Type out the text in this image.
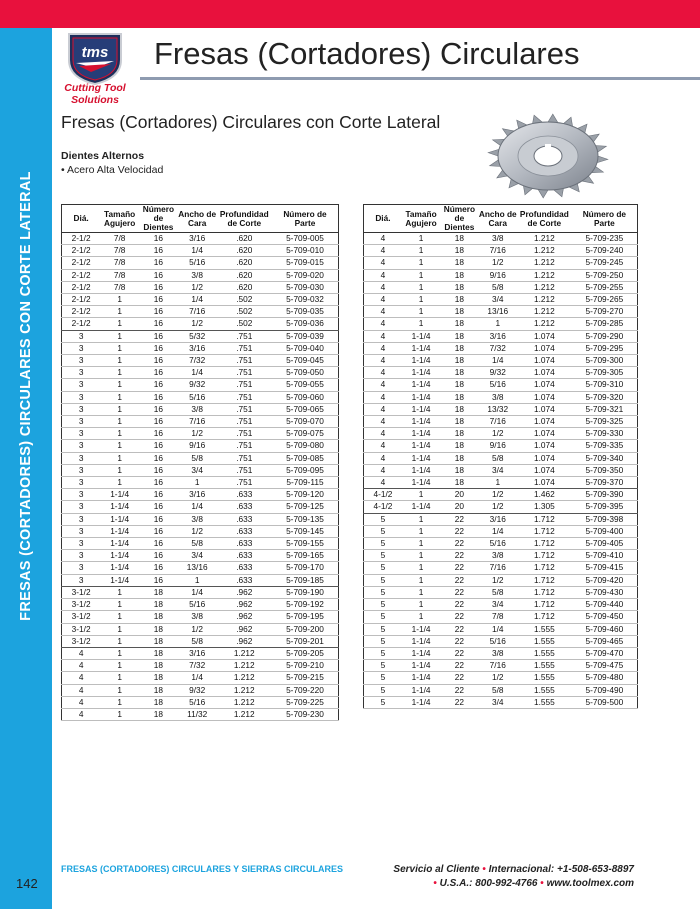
FRESAS (CORTADORES) CIRCULARES CON CORTE LATERAL
tms
Cutting Tool Solutions
Fresas (Cortadores) Circulares
Fresas (Cortadores) Circulares con Corte Lateral
Dientes Alternos
• Acero Alta Velocidad
Diá.	Tamaño Agujero	Número de Dientes	Ancho de Cara	Profundidad de Corte	Número de Parte
2-1/2	7/8	16	3/16	.620	5-709-005
2-1/2	7/8	16	1/4	.620	5-709-010
2-1/2	7/8	16	5/16	.620	5-709-015
2-1/2	7/8	16	3/8	.620	5-709-020
2-1/2	7/8	16	1/2	.620	5-709-030
2-1/2	1	16	1/4	.502	5-709-032
2-1/2	1	16	7/16	.502	5-709-035
2-1/2	1	16	1/2	.502	5-709-036
3	1	16	5/32	.751	5-709-039
3	1	16	3/16	.751	5-709-040
3	1	16	7/32	.751	5-709-045
3	1	16	1/4	.751	5-709-050
3	1	16	9/32	.751	5-709-055
3	1	16	5/16	.751	5-709-060
3	1	16	3/8	.751	5-709-065
3	1	16	7/16	.751	5-709-070
3	1	16	1/2	.751	5-709-075
3	1	16	9/16	.751	5-709-080
3	1	16	5/8	.751	5-709-085
3	1	16	3/4	.751	5-709-095
3	1	16	1	.751	5-709-115
3	1-1/4	16	3/16	.633	5-709-120
3	1-1/4	16	1/4	.633	5-709-125
3	1-1/4	16	3/8	.633	5-709-135
3	1-1/4	16	1/2	.633	5-709-145
3	1-1/4	16	5/8	.633	5-709-155
3	1-1/4	16	3/4	.633	5-709-165
3	1-1/4	16	13/16	.633	5-709-170
3	1-1/4	16	1	.633	5-709-185
3-1/2	1	18	1/4	.962	5-709-190
3-1/2	1	18	5/16	.962	5-709-192
3-1/2	1	18	3/8	.962	5-709-195
3-1/2	1	18	1/2	.962	5-709-200
3-1/2	1	18	5/8	.962	5-709-201
4	1	18	3/16	1.212	5-709-205
4	1	18	7/32	1.212	5-709-210
4	1	18	1/4	1.212	5-709-215
4	1	18	9/32	1.212	5-709-220
4	1	18	5/16	1.212	5-709-225
4	1	18	11/32	1.212	5-709-230
Diá.	Tamaño Agujero	Número de Dientes	Ancho de Cara	Profundidad de Corte	Número de Parte
4	1	18	3/8	1.212	5-709-235
4	1	18	7/16	1.212	5-709-240
4	1	18	1/2	1.212	5-709-245
4	1	18	9/16	1.212	5-709-250
4	1	18	5/8	1.212	5-709-255
4	1	18	3/4	1.212	5-709-265
4	1	18	13/16	1.212	5-709-270
4	1	18	1	1.212	5-709-285
4	1-1/4	18	3/16	1.074	5-709-290
4	1-1/4	18	7/32	1.074	5-709-295
4	1-1/4	18	1/4	1.074	5-709-300
4	1-1/4	18	9/32	1.074	5-709-305
4	1-1/4	18	5/16	1.074	5-709-310
4	1-1/4	18	3/8	1.074	5-709-320
4	1-1/4	18	13/32	1.074	5-709-321
4	1-1/4	18	7/16	1.074	5-709-325
4	1-1/4	18	1/2	1.074	5-709-330
4	1-1/4	18	9/16	1.074	5-709-335
4	1-1/4	18	5/8	1.074	5-709-340
4	1-1/4	18	3/4	1.074	5-709-350
4	1-1/4	18	1	1.074	5-709-370
4-1/2	1	20	1/2	1.462	5-709-390
4-1/2	1-1/4	20	1/2	1.305	5-709-395
5	1	22	3/16	1.712	5-709-398
5	1	22	1/4	1.712	5-709-400
5	1	22	5/16	1.712	5-709-405
5	1	22	3/8	1.712	5-709-410
5	1	22	7/16	1.712	5-709-415
5	1	22	1/2	1.712	5-709-420
5	1	22	5/8	1.712	5-709-430
5	1	22	3/4	1.712	5-709-440
5	1	22	7/8	1.712	5-709-450
5	1-1/4	22	1/4	1.555	5-709-460
5	1-1/4	22	5/16	1.555	5-709-465
5	1-1/4	22	3/8	1.555	5-709-470
5	1-1/4	22	7/16	1.555	5-709-475
5	1-1/4	22	1/2	1.555	5-709-480
5	1-1/4	22	5/8	1.555	5-709-490
5	1-1/4	22	3/4	1.555	5-709-500
FRESAS (CORTADORES) CIRCULARES Y SIERRAS CIRCULARES	Servicio al Cliente • Internacional: +1-508-653-8897
• U.S.A.: 800-992-4766 • www.toolmex.com
142
